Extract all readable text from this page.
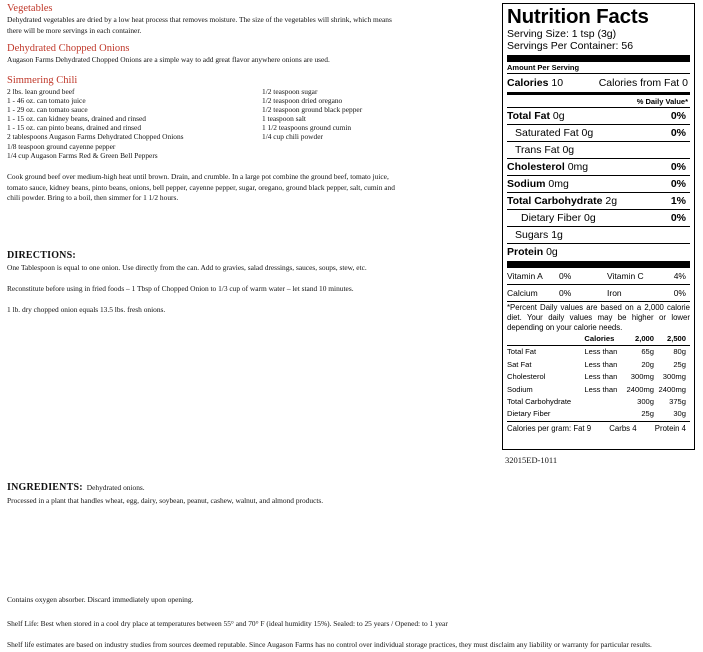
Vegetables
Dehydrated vegetables are dried by a low heat process that removes moisture. The size of the vegetables will shrink, which means
there will be more servings in each container.
Dehydrated Chopped Onions
Augason Farms Dehydrated Chopped Onions are a simple way to add great flavor anywhere onions are used.
Simmering Chili
2 lbs. lean ground beef
1 - 46 oz. can tomato juice
1 - 29 oz. can tomato sauce
1 - 15 oz. can kidney beans, drained and rinsed
1 - 15 oz. can pinto beans, drained and rinsed
2 tablespoons Augason Farms Dehydrated Chopped Onions
1/8 teaspoon ground cayenne pepper
1/4 cup Augason Farms Red & Green Bell Peppers
1/2 teaspoon sugar
1/2 teaspoon dried oregano
1/2 teaspoon ground black pepper
1 teaspoon salt
1 1/2 teaspoons ground cumin
1/4 cup chili powder
Cook ground beef over medium-high heat until brown. Drain, and crumble. In a large pot combine the ground beef, tomato juice,
tomato sauce, kidney beans, pinto beans, onions, bell pepper, cayenne pepper, sugar, oregano, ground black pepper, salt, cumin and
chili powder. Bring to a boil, then simmer for 1 1/2 hours.
DIRECTIONS:
One Tablespoon is equal to one onion. Use directly from the can. Add to gravies, salad dressings, sauces, soups, stew, etc.
Reconstitute before using in fried foods – 1 Tbsp of Chopped Onion to 1/3 cup of warm water – let stand 10 minutes.
1 lb. dry chopped onion equals 13.5 lbs. fresh onions.
INGREDIENTS: Dehydrated onions.
Processed in a plant that handles wheat, egg, dairy, soybean, peanut, cashew, walnut, and almond products.
Contains oxygen absorber. Discard immediately upon opening.
Shelf Life: Best when stored in a cool dry place at temperatures between 55° and 70° F (ideal humidity 15%). Sealed: to 25 years / Opened: to 1 year
Shelf life estimates are based on industry studies from sources deemed reputable. Since Augason Farms has no control over individual storage practices, they must disclaim any liability or warranty for particular results.
Nutrition Facts
Serving Size: 1 tsp (3g)
Servings Per Container: 56
Amount Per Serving
Calories 10	Calories from Fat 0
% Daily Value*
Total Fat 0g	0%
Saturated Fat 0g	0%
Trans Fat 0g
Cholesterol 0mg	0%
Sodium 0mg	0%
Total Carbohydrate 2g	1%
Dietary Fiber 0g	0%
Sugars 1g
Protein 0g
Vitamin A	0%	Vitamin C	4%
Calcium	0%	Iron	0%
*Percent Daily values are based on a 2,000 calorie diet. Your daily values may be higher or lower depending on your calorie needs.
	Calories	2,000	2,500
Total Fat	Less than	65g	80g
Sat Fat	Less than	20g	25g
Cholesterol	Less than	300mg	300mg
Sodium	Less than	2400mg	2400mg
Total Carbohydrate		300g	375g
Dietary Fiber		25g	30g
Calories per gram: Fat 9 Carbs 4 Protein 4
32015ED-1011
